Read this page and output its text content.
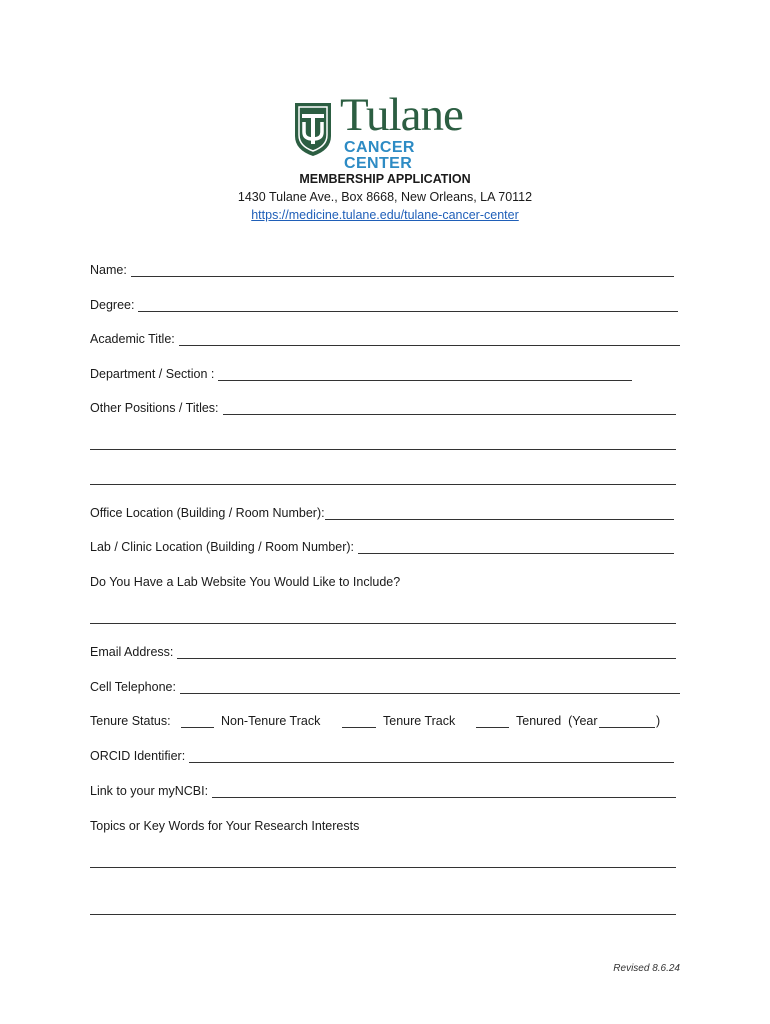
Tulane
CANCER CENTER
MEMBERSHIP APPLICATION
1430 Tulane Ave., Box 8668, New Orleans, LA 70112
https://medicine.tulane.edu/tulane-cancer-center
Name:
Degree:
Academic Title:
Department / Section :
Other Positions / Titles:
Office Location (Building / Room Number):
Lab / Clinic Location (Building / Room Number):
Do You Have a Lab Website You Would Like to Include?
Email Address:
Cell Telephone:
Tenure Status:	Non-Tenure Track	Tenure Track	Tenured  (Year	)
ORCID Identifier:
Link to your myNCBI:
Topics or Key Words for Your Research Interests
Revised 8.6.24
